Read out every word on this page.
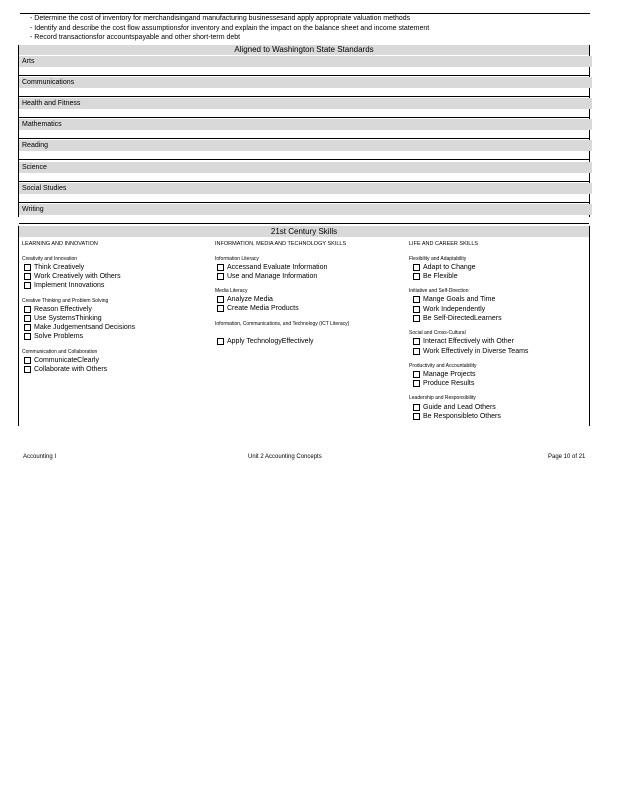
- Determine the cost of inventory for merchandisingand manufacturing businessesand apply appropriate valuation methods
- Identify and describe the cost flow assumptionsfor inventory and explain the impact on the balance sheet and income statement
- Record transactionsfor accountspayable and other short-term debt
Aligned to Washington State Standards
Arts
Communications
Health and Fitness
Mathematics
Reading
Science
Social Studies
Writing
21st Century Skills
LEARNING AND INNOVATION
Creativity and Innovation
Think Creatively
Work Creatively with Others
Implement Innovations
Creative Thinking and Problem Solving
Reason Effectively
Use SystemsThinking
Make Judgementsand Decisions
Solve Problems
Communication and Collaboration
CommunicateClearly
Collaborate with Others
INFORMATION, MEDIA AND TECHNOLOGY SKILLS
Information Literacy
Accessand Evaluate Information
Use and Manage Information
Media Literacy
Analyze Media
Create Media Products
Information, Communications, and Technology (ICT Literacy)
Apply TechnologyEffectively
LIFE AND CAREER SKILLS
Flexibility and Adaptability
Adapt to Change
Be Flexible
Initiative and Self-Direction
Mange Goals and Time
Work Independently
Be Self-DirectedLearners
Social and Cross-Cultural
Interact Effectively with Other
Work Effectively in Diverse Teams
Productivity and Accountability
Manage Projects
Produce Results
Leadership and Responsibility
Guide and Lead Others
Be Responsibleto Others
Accounting I	Unit 2 Accounting Concepts	Page 10 of 21
